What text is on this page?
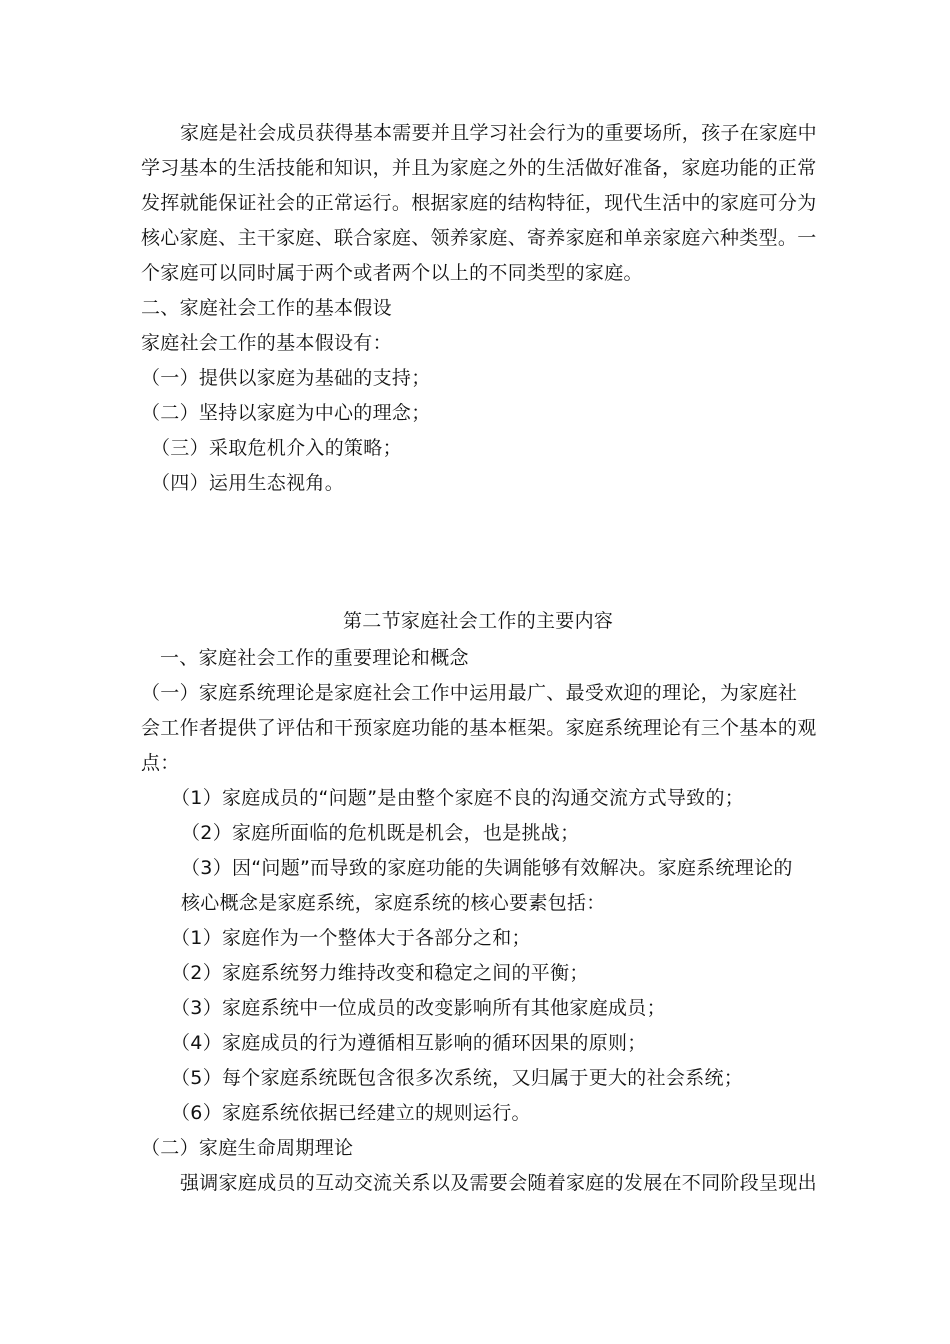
家庭是社会成员获得基本需要并且学习社会行为的重要场所，孩子在家庭中
学习基本的生活技能和知识，并且为家庭之外的生活做好准备，家庭功能的正常
发挥就能保证社会的正常运行。根据家庭的结构特征，现代生活中的家庭可分为
核心家庭、主干家庭、联合家庭、领养家庭、寄养家庭和单亲家庭六种类型。一
个家庭可以同时属于两个或者两个以上的不同类型的家庭。
二、家庭社会工作的基本假设
家庭社会工作的基本假设有：
（一）提供以家庭为基础的支持；
（二）坚持以家庭为中心的理念；
（三）采取危机介入的策略；
（四）运用生态视角。
第二节家庭社会工作的主要内容
一、家庭社会工作的重要理论和概念
（一）家庭系统理论是家庭社会工作中运用最广、最受欢迎的理论，为家庭社
会工作者提供了评估和干预家庭功能的基本框架。家庭系统理论有三个基本的观
点：
（1）家庭成员的“问题”是由整个家庭不良的沟通交流方式导致的；
（2）家庭所面临的危机既是机会，也是挑战；
（3）因“问题”而导致的家庭功能的失调能够有效解决。家庭系统理论的
核心概念是家庭系统，家庭系统的核心要素包括：
（1）家庭作为一个整体大于各部分之和；
（2）家庭系统努力维持改变和稳定之间的平衡；
（3）家庭系统中一位成员的改变影响所有其他家庭成员；
（4）家庭成员的行为遵循相互影响的循环因果的原则；
（5）每个家庭系统既包含很多次系统，又归属于更大的社会系统；
（6）家庭系统依据已经建立的规则运行。
（二）家庭生命周期理论
强调家庭成员的互动交流关系以及需要会随着家庭的发展在不同阶段呈现出
